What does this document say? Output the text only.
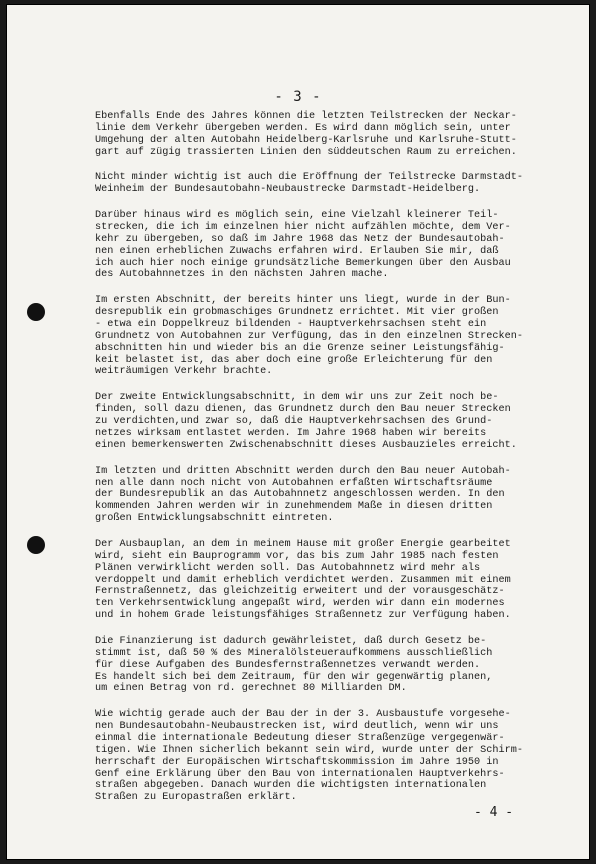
- 3 -
Ebenfalls Ende des Jahres können die letzten Teilstrecken der Neckar-
linie dem Verkehr übergeben werden. Es wird dann möglich sein, unter
Umgehung der alten Autobahn Heidelberg-Karlsruhe und Karlsruhe-Stutt-
gart auf zügig trassierten Linien den süddeutschen Raum zu erreichen.
Nicht minder wichtig ist auch die Eröffnung der Teilstrecke Darmstadt-
Weinheim der Bundesautobahn-Neubaustrecke Darmstadt-Heidelberg.
Darüber hinaus wird es möglich sein, eine Vielzahl kleinerer Teil-
strecken, die ich im einzelnen hier nicht aufzählen möchte, dem Ver-
kehr zu übergeben, so daß im Jahre 1968 das Netz der Bundesautobah-
nen einen erheblichen Zuwachs erfahren wird. Erlauben Sie mir, daß
ich auch hier noch einige grundsätzliche Bemerkungen über den Ausbau
des Autobahnnetzes in den nächsten Jahren mache.
Im ersten Abschnitt, der bereits hinter uns liegt, wurde in der Bun-
desrepublik ein grobmaschiges Grundnetz errichtet. Mit vier großen
- etwa ein Doppelkreuz bildenden - Hauptverkehrsachsen steht ein
Grundnetz von Autobahnen zur Verfügung, das in den einzelnen Strecken-
abschnitten hin und wieder bis an die Grenze seiner Leistungsfähig-
keit belastet ist, das aber doch eine große Erleichterung für den
weiträumigen Verkehr brachte.
Der zweite Entwicklungsabschnitt, in dem wir uns zur Zeit noch be-
finden, soll dazu dienen, das Grundnetz durch den Bau neuer Strecken
zu verdichten,und zwar so, daß die Hauptverkehrsachsen des Grund-
netzes wirksam entlastet werden. Im Jahre 1968 haben wir bereits
einen bemerkenswerten Zwischenabschnitt dieses Ausbauzieles erreicht.
Im letzten und dritten Abschnitt werden durch den Bau neuer Autobah-
nen alle dann noch nicht von Autobahnen erfaßten Wirtschaftsräume
der Bundesrepublik an das Autobahnnetz angeschlossen werden. In den
kommenden Jahren werden wir in zunehmendem Maße in diesen dritten
großen Entwicklungsabschnitt eintreten.
Der Ausbauplan, an dem in meinem Hause mit großer Energie gearbeitet
wird, sieht ein Bauprogramm vor, das bis zum Jahr 1985 nach festen
Plänen verwirklicht werden soll. Das Autobahnnetz wird mehr als
verdoppelt und damit erheblich verdichtet werden. Zusammen mit einem
Fernstraßennetz, das gleichzeitig erweitert und der vorausgeschätz-
ten Verkehrsentwicklung angepaßt wird, werden wir dann ein modernes
und in hohem Grade leistungsfähiges Straßennetz zur Verfügung haben.
Die Finanzierung ist dadurch gewährleistet, daß durch Gesetz be-
stimmt ist, daß 50 % des Mineralölsteueraufkommens ausschließlich
für diese Aufgaben des Bundesfernstraßennetzes verwandt werden.
Es handelt sich bei dem Zeitraum, für den wir gegenwärtig planen,
um einen Betrag von rd. gerechnet 80 Milliarden DM.
Wie wichtig gerade auch der Bau der in der 3. Ausbaustufe vorgesehe-
nen Bundesautobahn-Neubaustrecken ist, wird deutlich, wenn wir uns
einmal die internationale Bedeutung dieser Straßenzüge vergegenwär-
tigen. Wie Ihnen sicherlich bekannt sein wird, wurde unter der Schirm-
herrschaft der Europäischen Wirtschaftskommission im Jahre 1950 in
Genf eine Erklärung über den Bau von internationalen Hauptverkehrs-
straßen abgegeben. Danach wurden die wichtigsten internationalen
Straßen zu Europastraßen erklärt.
- 4 -
